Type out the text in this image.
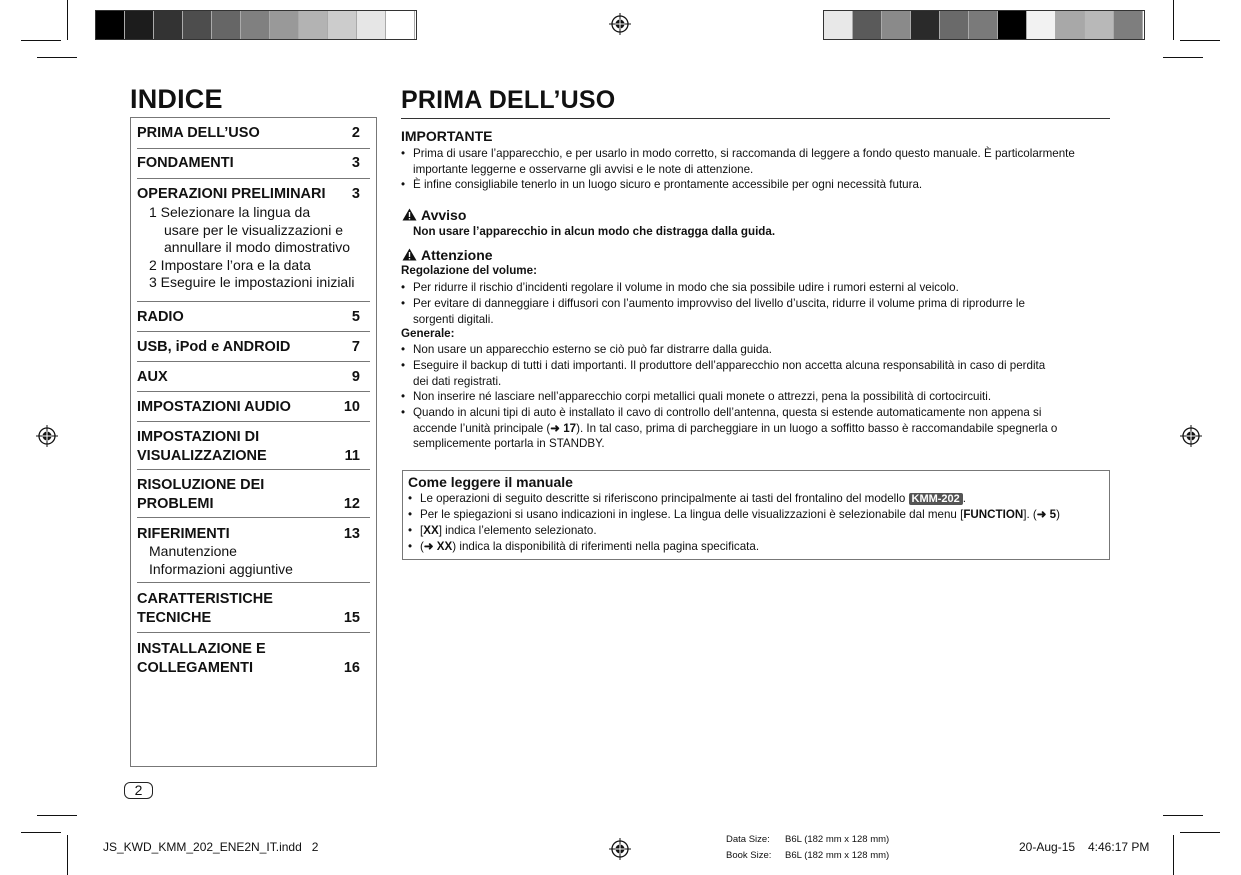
INDICE
PRIMA DELL’USO	2
FONDAMENTI	3
OPERAZIONI PRELIMINARI 3
1 Selezionare la lingua da
usare per le visualizzazioni e
annullare il modo dimostrativo
2 Impostare l’ora e la data
3 Eseguire le impostazioni iniziali
RADIO	5
USB, iPod e ANDROID	7
AUX	9
IMPOSTAZIONI AUDIO	10
IMPOSTAZIONI DI
VISUALIZZAZIONE	11
RISOLUZIONE DEI
PROBLEMI	12
RIFERIMENTI	13
Manutenzione
Informazioni aggiuntive
CARATTERISTICHE
TECNICHE	15
INSTALLAZIONE E
COLLEGAMENTI	16
2
PRIMA DELL’USO
IMPORTANTE
• Prima di usare l’apparecchio, e per usarlo in modo corretto, si raccomanda di leggere a fondo questo manuale. È particolarmente
importante leggerne e osservarne gli avvisi e le note di attenzione.
• È infine consigliabile tenerlo in un luogo sicuro e prontamente accessibile per ogni necessità futura.
Avviso
Non usare l’apparecchio in alcun modo che distragga dalla guida.
Attenzione
Regolazione del volume:
• Per ridurre il rischio d’incidenti regolare il volume in modo che sia possibile udire i rumori esterni al veicolo.
• Per evitare di danneggiare i diffusori con l’aumento improvviso del livello d’uscita, ridurre il volume prima di riprodurre le
sorgenti digitali.
Generale:
• Non usare un apparecchio esterno se ciò può far distrarre dalla guida.
• Eseguire il backup di tutti i dati importanti. Il produttore dell’apparecchio non accetta alcuna responsabilità in caso di perdita
dei dati registrati.
• Non inserire né lasciare nell’apparecchio corpi metallici quali monete o attrezzi, pena la possibilità di cortocircuiti.
• Quando in alcuni tipi di auto è installato il cavo di controllo dell’antenna, questa si estende automaticamente non appena si
accende l’unità principale (➜ 17). In tal caso, prima di parcheggiare in un luogo a soffitto basso è raccomandabile spegnerla o
semplicemente portarla in STANDBY.
Come leggere il manuale
• Le operazioni di seguito descritte si riferiscono principalmente ai tasti del frontalino del modello KMM-202 .
• Per le spiegazioni si usano indicazioni in inglese. La lingua delle visualizzazioni è selezionabile dal menu [FUNCTION]. (➜ 5)
• [XX] indica l’elemento selezionato.
• (➜ XX) indica la disponibilità di riferimenti nella pagina specificata.
JS_KWD_KMM_202_ENE2N_IT.indd   2
Data Size: B6L (182 mm x 128 mm)
Book Size: B6L (182 mm x 128 mm)
20-Aug-15 4:46:17 PM
